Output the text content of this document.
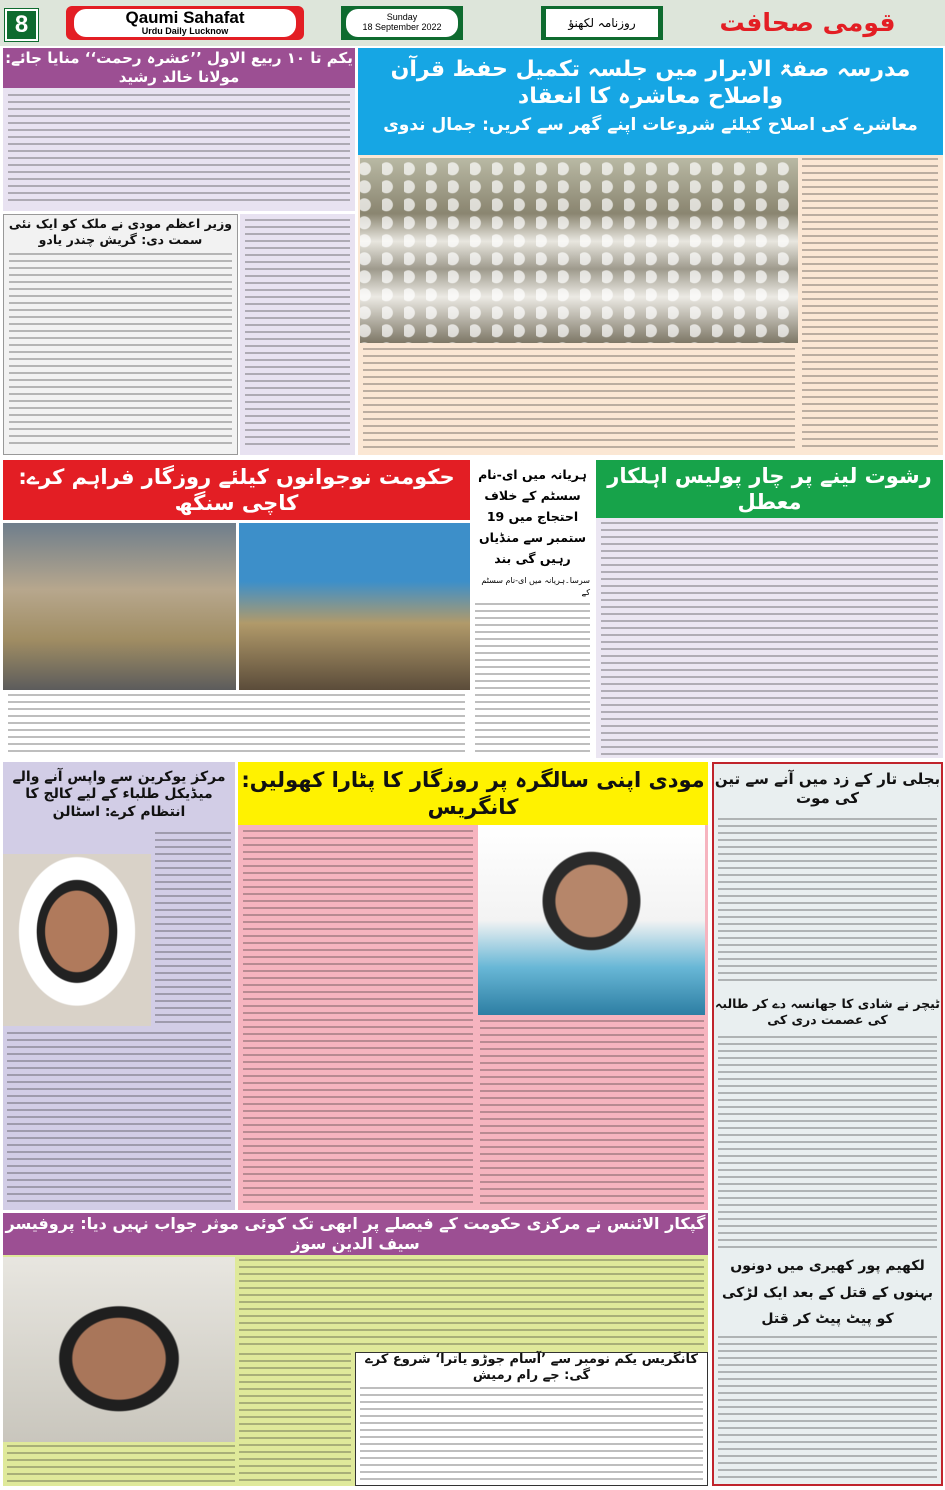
8	Qaumi Sahafat
Urdu Daily Lucknow
Sunday
18 September 2022	روزنامہ لکھنؤ	قومی صحافت
یکم تا ۱۰ ربیع الاول ’’عشرہ رحمت‘‘ منایا جائے: مولانا خالد رشید
وزیر اعظم مودی نے ملک کو ایک نئی سمت دی: گریش چندر یادو
مدرسہ صفۃ الابرار میں جلسہ تکمیل حفظ قرآن واصلاح معاشرہ کا انعقاد
معاشرے کی اصلاح کیلئے شروعات اپنے گھر سے کریں: جمال ندوی
حکومت نوجوانوں کیلئے روزگار فراہم کرے: کاچی سنگھ
ہریانہ میں ای-نام سسٹم کے خلاف احتجاج میں 19 ستمبر سے منڈیاں رہیں گی بند
سرسا۔ہریانہ میں ای-نام سسٹم کے
رشوت لینے پر چار پولیس اہلکار معطل
مرکز یوکرین سے واپس آنے والے میڈیکل طلباء کے لیے کالج کا انتظام کرے: اسٹالن
مودی اپنی سالگرہ پر روزگار کا پٹارا کھولیں: کانگریس
بجلی تار کے زد میں آنے سے تین کی موت
ٹیچر نے شادی کا جھانسہ دے کر طالبہ کی عصمت دری کی
لکھیم پور کھیری میں دونوں بہنوں کے قتل کے بعد ایک لڑکی کو پیٹ پیٹ کر قتل
گپکار الائنس نے مرکزی حکومت کے فیصلے پر ابھی تک کوئی موثر جواب نہیں دیا: پروفیسر سیف الدین سوز
کانگریس یکم نومبر سے ’آسام جوڑو یاترا‘ شروع کرے گی: جے رام رمیش
